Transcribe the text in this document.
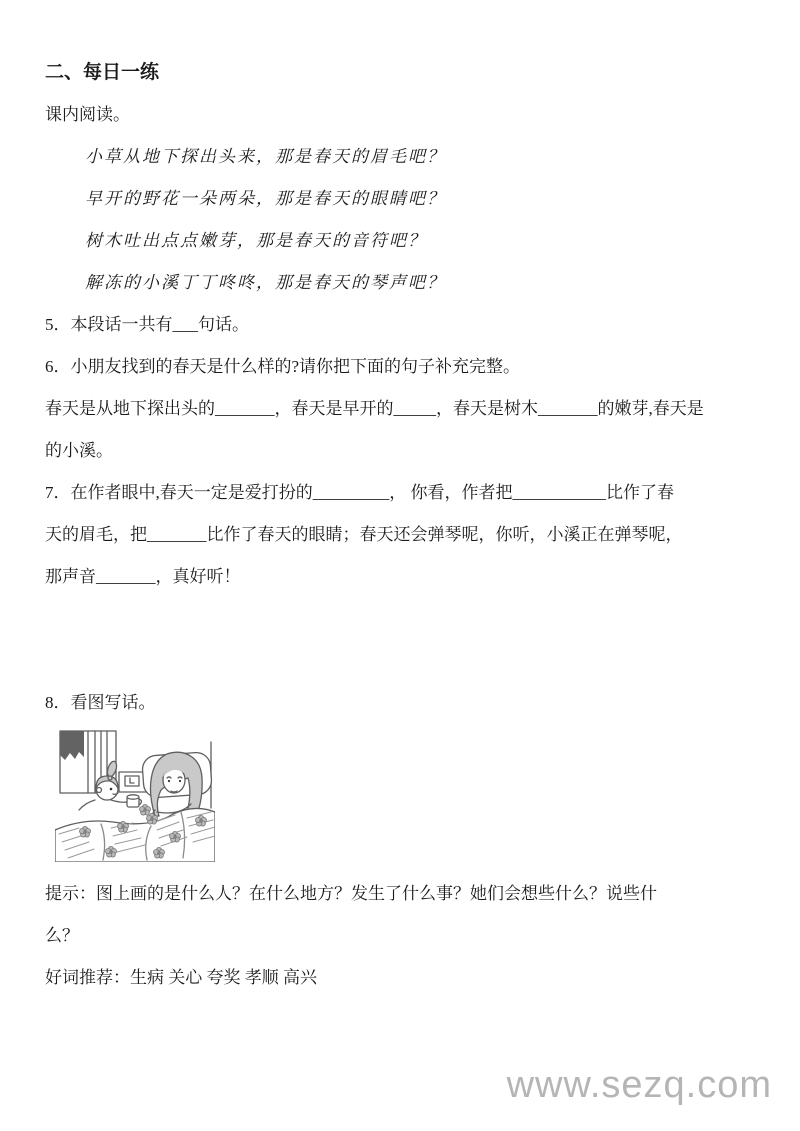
二、每日一练
课内阅读。
小草从地下探出头来，那是春天的眉毛吧？
早开的野花一朵两朵，那是春天的眼睛吧？
树木吐出点点嫩芽，那是春天的音符吧？
解冻的小溪丁丁咚咚，那是春天的琴声吧？
5．本段话一共有___句话。
6．小朋友找到的春天是什么样的?请你把下面的句子补充完整。
春天是从地下探出头的_______，春天是早开的_____，春天是树木_______的嫩芽,春天是
的小溪。
7．在作者眼中,春天一定是爱打扮的_________， 你看，作者把___________比作了春
天的眉毛，把_______比作了春天的眼睛；春天还会弹琴呢，你听，小溪正在弹琴呢，
那声音_______，真好听！
8．看图写话。
提示：图上画的是什么人？在什么地方？发生了什么事？她们会想些什么？说些什
么？
好词推荐：生病 关心 夸奖 孝顺 高兴
www.sezq.com
